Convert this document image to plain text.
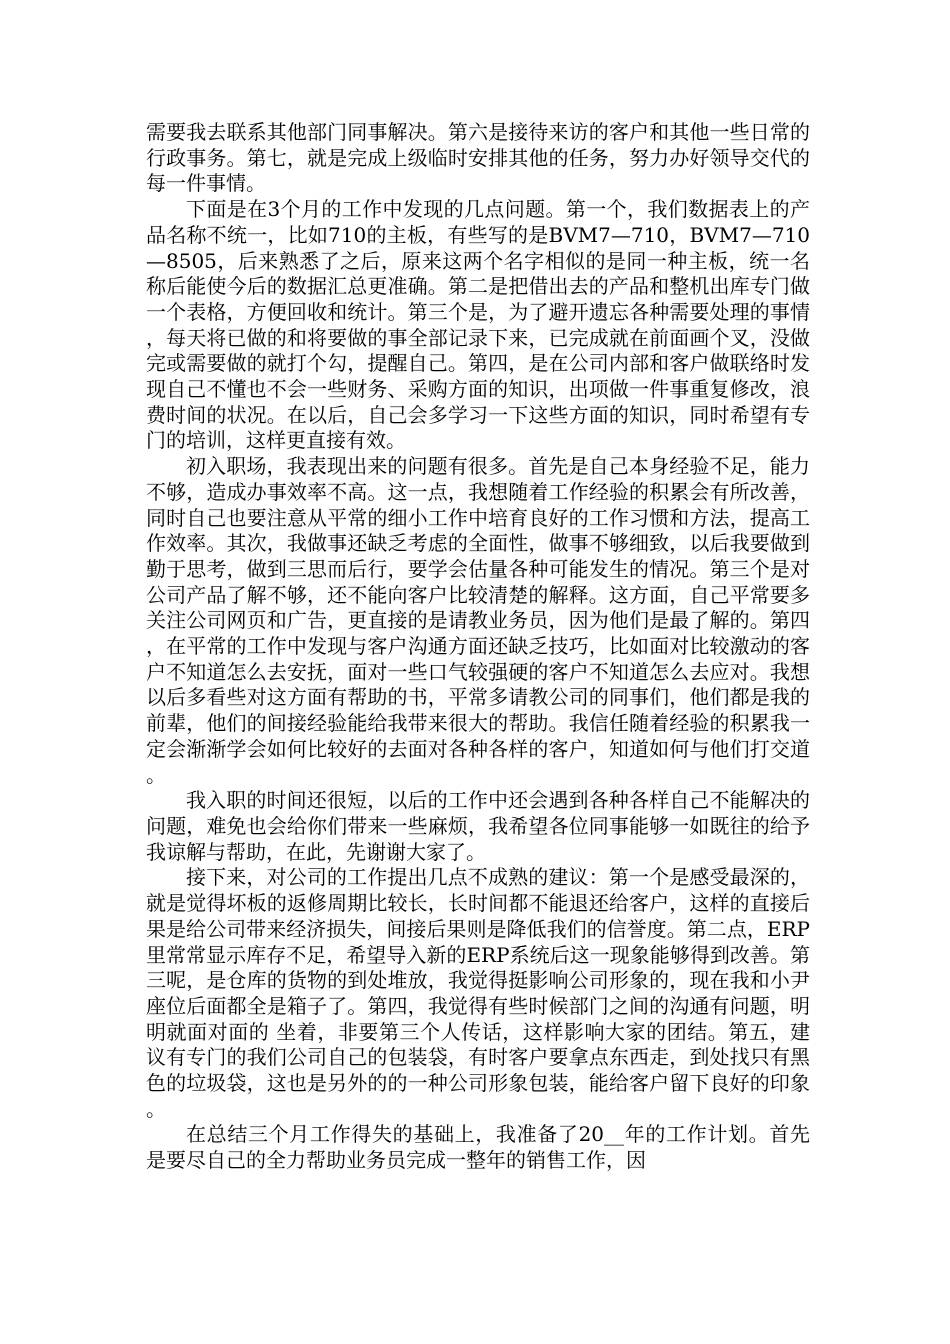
需要我去联系其他部门同事解决。第六是接待来访的客户和其他一些日常的行政事务。第七，就是完成上级临时安排其他的任务，努力办好领导交代的每一件事情。

下面是在3个月的工作中发现的几点问题。第一个，我们数据表上的产品名称不统一，比如710的主板，有些写的是BVM7—710，BVM7—710—8505，后来熟悉了之后，原来这两个名字相似的是同一种主板，统一名称后能使今后的数据汇总更准确。第二是把借出去的产品和整机出库专门做一个表格，方便回收和统计。第三个是，为了避开遗忘各种需要处理的事情，每天将已做的和将要做的事全部记录下来，已完成就在前面画个叉，没做完或需要做的就打个勾，提醒自己。第四，是在公司内部和客户做联络时发现自己不懂也不会一些财务、采购方面的知识，出项做一件事重复修改，浪费时间的状况。在以后，自己会多学习一下这些方面的知识，同时希望有专门的培训，这样更直接有效。

初入职场，我表现出来的问题有很多。首先是自己本身经验不足，能力不够，造成办事效率不高。这一点，我想随着工作经验的积累会有所改善，同时自己也要注意从平常的细小工作中培育良好的工作习惯和方法，提高工作效率。其次，我做事还缺乏考虑的全面性，做事不够细致，以后我要做到勤于思考，做到三思而后行，要学会估量各种可能发生的情况。第三个是对公司产品了解不够，还不能向客户比较清楚的解释。这方面，自己平常要多关注公司网页和广告，更直接的是请教业务员，因为他们是最了解的。第四，在平常的工作中发现与客户沟通方面还缺乏技巧，比如面对比较激动的客户不知道怎么去安抚，面对一些口气较强硬的客户不知道怎么去应对。我想以后多看些对这方面有帮助的书，平常多请教公司的同事们，他们都是我的前辈，他们的间接经验能给我带来很大的帮助。我信任随着经验的积累我一定会渐渐学会如何比较好的去面对各种各样的客户，知道如何与他们打交道。

我入职的时间还很短，以后的工作中还会遇到各种各样自己不能解决的问题，难免也会给你们带来一些麻烦，我希望各位同事能够一如既往的给予我谅解与帮助，在此，先谢谢大家了。

接下来，对公司的工作提出几点不成熟的建议：第一个是感受最深的，就是觉得坏板的返修周期比较长，长时间都不能退还给客户，这样的直接后果是给公司带来经济损失，间接后果则是降低我们的信誉度。第二点，ERP里常常显示库存不足，希望导入新的ERP系统后这一现象能够得到改善。第三呢，是仓库的货物的到处堆放，我觉得挺影响公司形象的，现在我和小尹座位后面都全是箱子了。第四，我觉得有些时候部门之间的沟通有问题，明明就面对面的 坐着，非要第三个人传话，这样影响大家的团结。第五，建议有专门的我们公司自己的包装袋，有时客户要拿点东西走，到处找只有黑色的垃圾袋，这也是另外的的一种公司形象包装，能给客户留下良好的印象。

在总结三个月工作得失的基础上，我准备了20__年的工作计划。首先是要尽自己的全力帮助业务员完成一整年的销售工作，因
